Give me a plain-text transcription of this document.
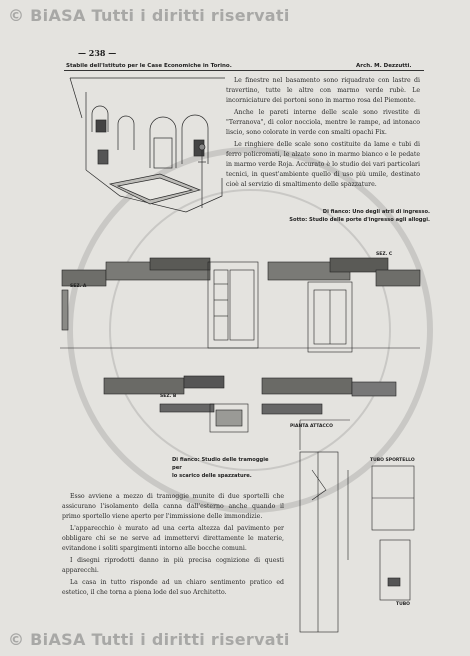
© BiASA Tutti i diritti riservati
© BiASA Tutti i diritti riservati
— 238 —
Stabile dell'Istituto per le Case Economiche in Torino.	Arch. M. Dezzutti.
SEZ. A
SEZ. B
SEZ. C
PIANTA ATTACCO
TUBO SPORTELLO
TUBO

Le finestre nel basamento sono riquadrate con lastre di travertino, tutte le altre con marmo verde rubè. Le incorniciature dei portoni sono in marmo rosa del Piemonte.

Anche le pareti interne delle scale sono rivestite di "Terranova", di color nocciola, mentre le rampe, ad intonaco liscio, sono colorate in verde con smalti opachi Fix.

Le ringhiere delle scale sono costituite da lame e tubi di ferro policromati, le alzate sono in marmo bianco e le pedate in marmo verde Roja. Accurato è lo studio dei vari particolari tecnici, in quest'ambiente quello di uso più umile, destinato cioè al servizio di smaltimento delle spazzature.

Di fianco: Uno degli atrii di ingresso.
Sotto: Studio delle porte d'ingresso agli alloggi.
Di fianco: Studio delle tramoggie per
lo scarico delle spazzature.

Esso avviene a mezzo di tramoggie munite di due sportelli che assicurano l'isolamento della canna dall'esterno anche quando il primo sportello viene aperto per l'immissione delle immondizie.

L'apparecchio è murato ad una certa altezza dal pavimento per obbligare chi se ne serve ad immettervi direttamente le materie, evitandone i soliti spargimenti intorno alle bocche comuni.

I disegni riprodotti danno in più precisa cognizione di questi apparecchi.

La casa in tutto risponde ad un chiaro sentimento pratico ed estetico, il che torna a piena lode del suo Architetto.
